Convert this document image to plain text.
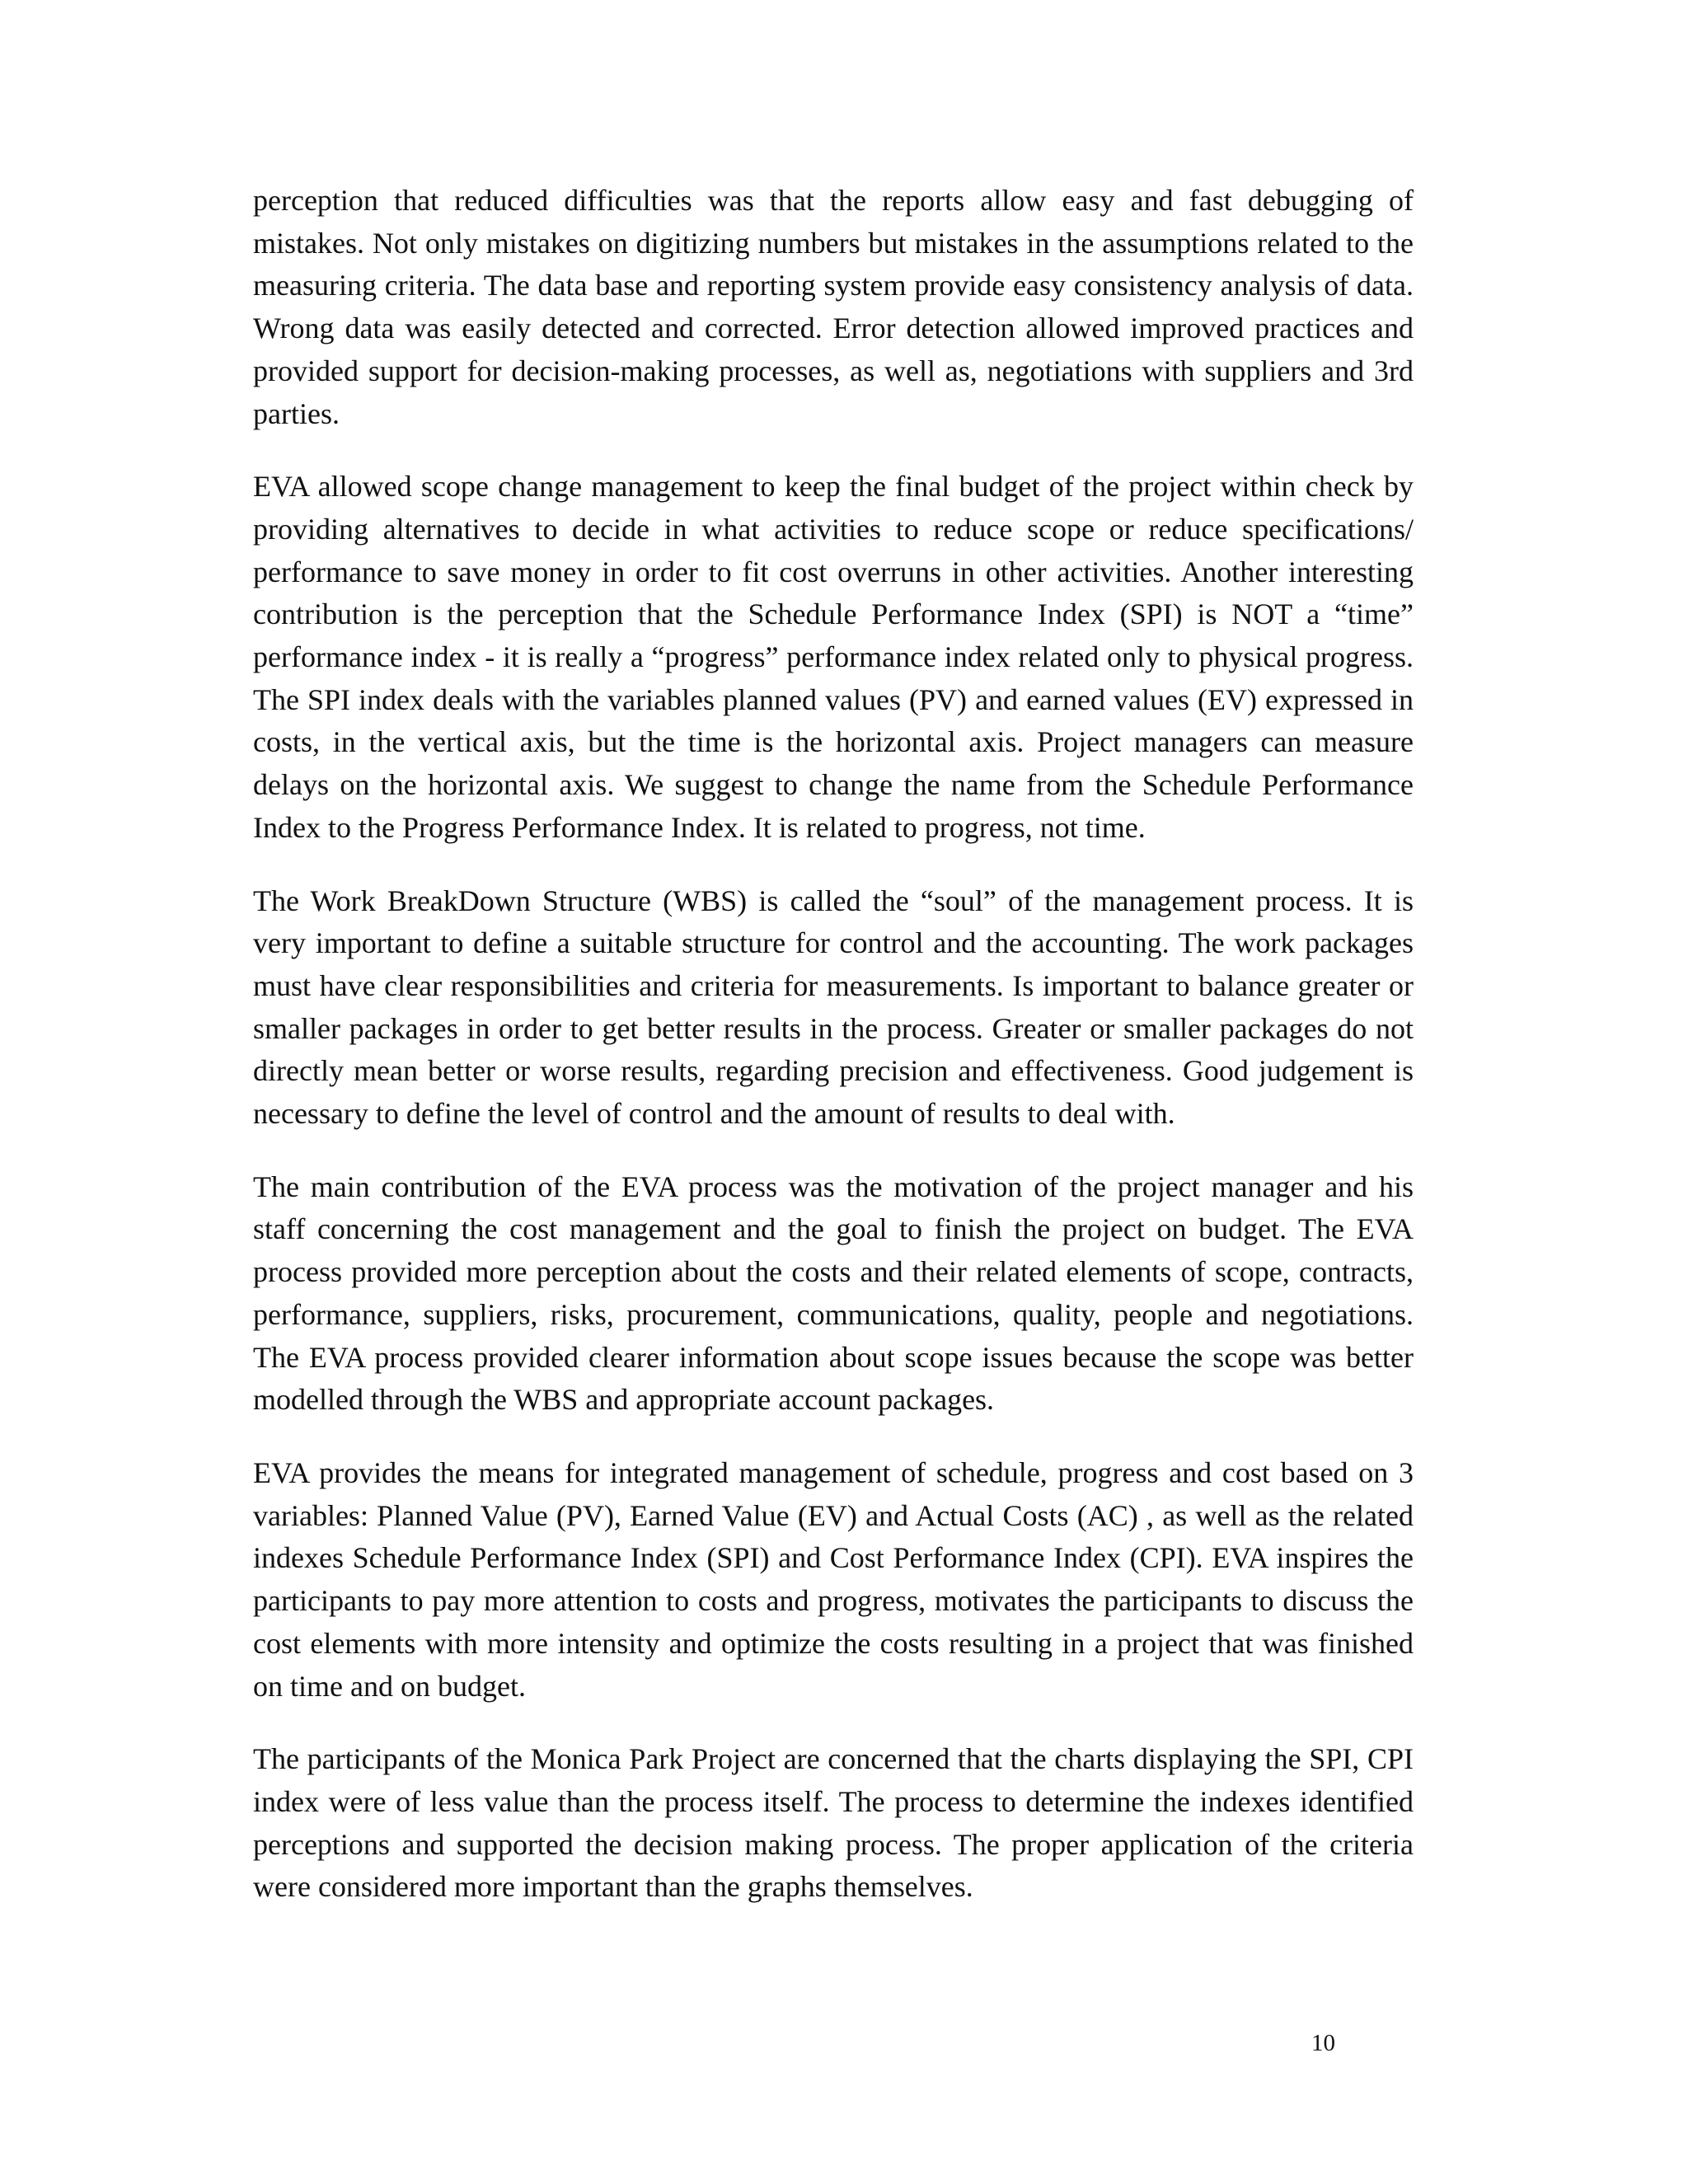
perception that reduced difficulties was that the reports allow easy and fast debugging of mistakes. Not only mistakes on digitizing numbers but mistakes in the assumptions related to the measuring criteria. The data base and reporting system provide easy consistency analysis of data. Wrong data was easily detected and corrected. Error detection allowed improved practices and provided support for decision-making processes, as well as, negotiations with suppliers and 3rd parties.

EVA allowed scope change management to keep the final budget of the project within check by providing alternatives to decide in what activities to reduce scope or reduce specifications/ performance to save money in order to fit cost overruns in other activities. Another interesting contribution is the perception that the Schedule Performance Index (SPI) is NOT a “time” performance index - it is really a “progress” performance index related only to physical progress. The SPI index deals with the variables planned values (PV) and earned values (EV) expressed in costs, in the vertical axis, but the time is the horizontal axis. Project managers can measure delays on the horizontal axis. We suggest to change the name from the Schedule Performance Index to the Progress Performance Index. It is related to progress, not time.

The Work BreakDown Structure (WBS) is called the “soul” of the management process. It is very important to define a suitable structure for control and the accounting. The work packages must have clear responsibilities and criteria for measurements. Is important to balance greater or smaller packages in order to get better results in the process. Greater or smaller packages do not directly mean better or worse results, regarding precision and effectiveness. Good judgement is necessary to define the level of control and the amount of results to deal with.

The main contribution of the EVA process was the motivation of the project manager and his staff concerning the cost management and the goal to finish the project on budget. The EVA process provided more perception about the costs and their related elements of scope, contracts, performance, suppliers, risks, procurement, communications, quality, people and negotiations. The EVA process provided clearer information about scope issues because the scope was better modelled through the WBS and appropriate account packages.

EVA provides the means for integrated management of schedule, progress and cost based on 3 variables: Planned Value (PV), Earned Value (EV) and Actual Costs (AC) , as well as the related indexes Schedule Performance Index (SPI) and Cost Performance Index (CPI). EVA inspires the participants to pay more attention to costs and progress, motivates the participants to discuss the cost elements with more intensity and optimize the costs resulting in a project that was finished on time and on budget.

The participants of the Monica Park Project are concerned that the charts displaying the SPI, CPI index were of less value than the process itself. The process to determine the indexes identified perceptions and supported the decision making process. The proper application of the criteria were considered more important than the graphs themselves.

10
